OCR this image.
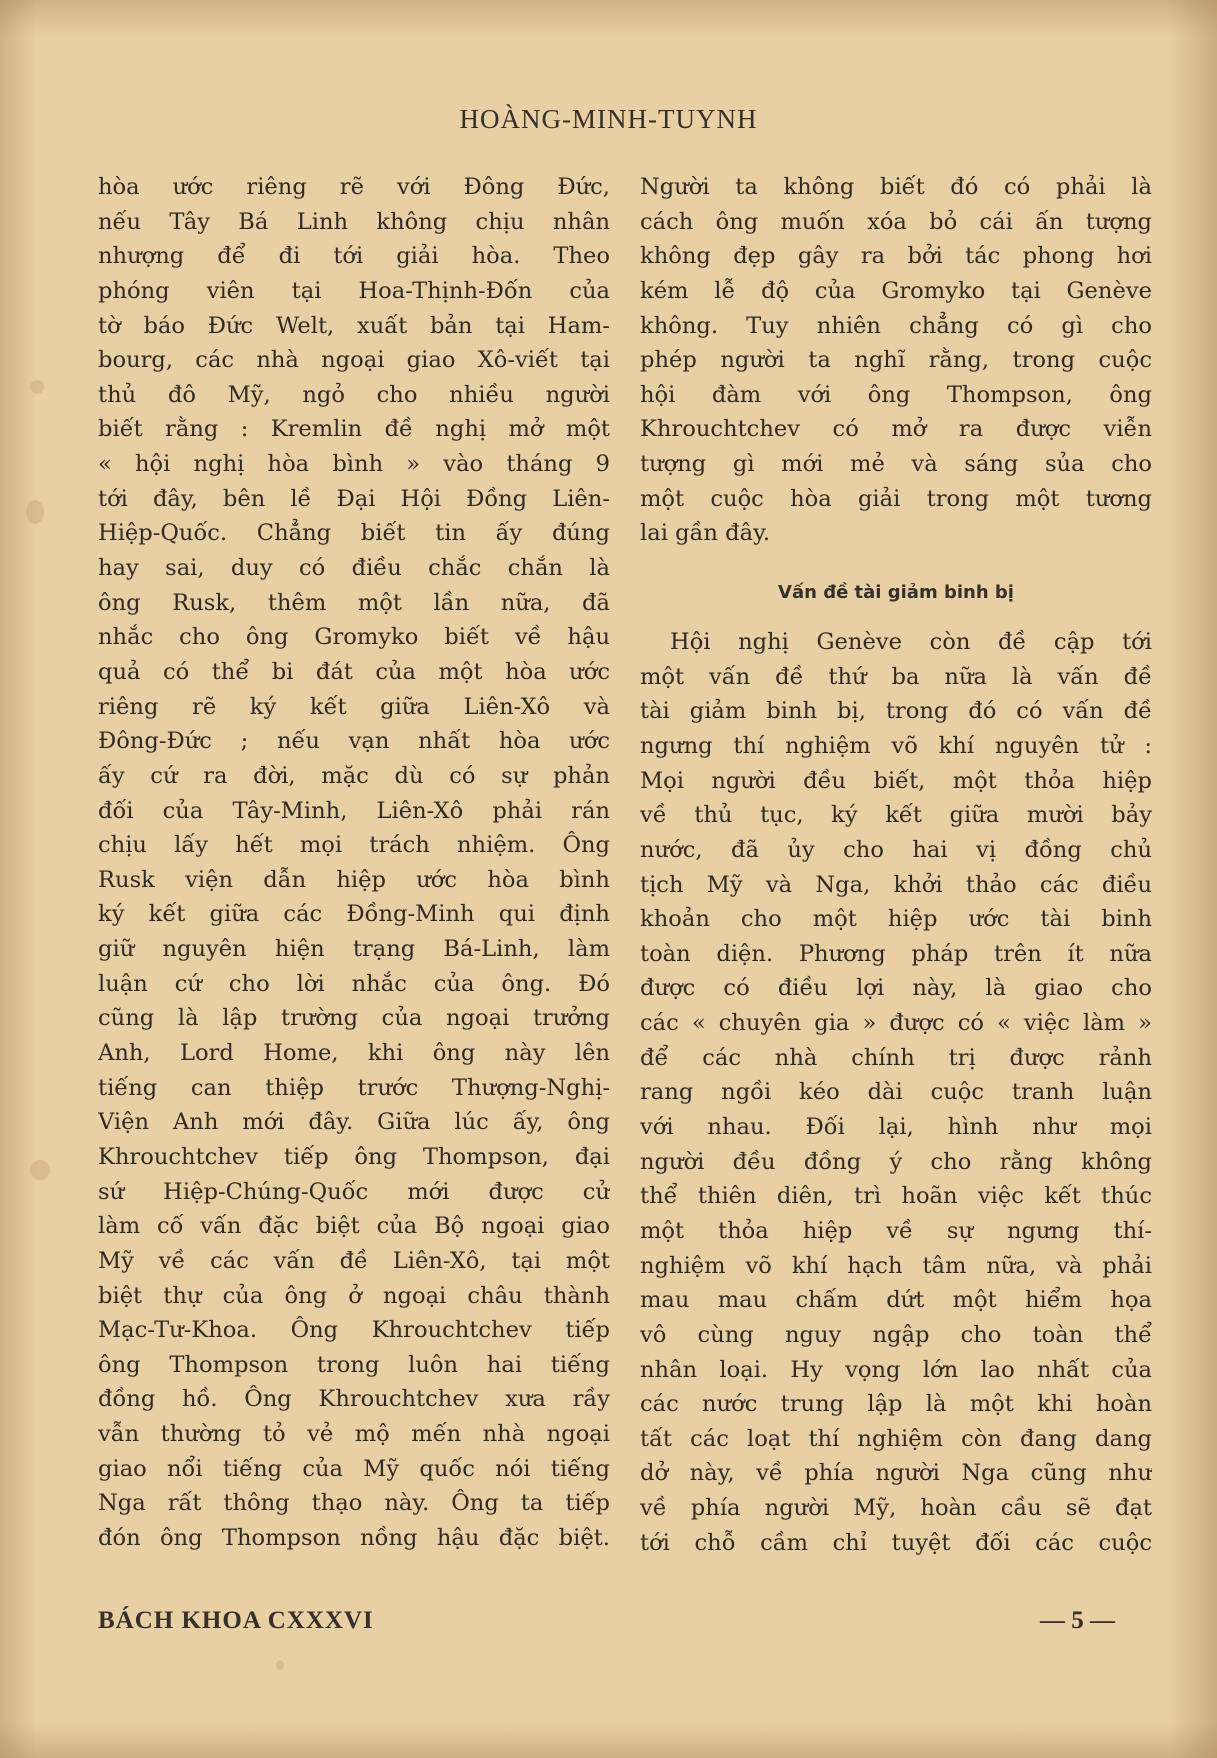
HOÀNG-MINH-TUYNH
hòa ước riêng rẽ với Đông Đức,
nếu Tây Bá Linh không chịu nhân
nhượng để đi tới giải hòa. Theo
phóng viên tại Hoa-Thịnh-Đốn của
tờ báo Đức Welt, xuất bản tại Ham-
bourg, các nhà ngoại giao Xô-viết tại
thủ đô Mỹ, ngỏ cho nhiều người
biết rằng : Kremlin đề nghị mở một
« hội nghị hòa bình » vào tháng 9
tới đây, bên lề Đại Hội Đồng Liên-
Hiệp-Quốc. Chẳng biết tin ấy đúng
hay sai, duy có điều chắc chắn là
ông Rusk, thêm một lần nữa, đã
nhắc cho ông Gromyko biết về hậu
quả có thể bi đát của một hòa ước
riêng rẽ ký kết giữa Liên-Xô và
Đông-Đức ; nếu vạn nhất hòa ước
ấy cứ ra đời, mặc dù có sự phản
đối của Tây-Minh, Liên-Xô phải rán
chịu lấy hết mọi trách nhiệm. Ông
Rusk viện dẫn hiệp ước hòa bình
ký kết giữa các Đồng-Minh qui định
giữ nguyên hiện trạng Bá-Linh, làm
luận cứ cho lời nhắc của ông. Đó
cũng là lập trường của ngoại trưởng
Anh, Lord Home, khi ông này lên
tiếng can thiệp trước Thượng-Nghị-
Viện Anh mới đây. Giữa lúc ấy, ông
Khrouchtchev tiếp ông Thompson, đại
sứ Hiệp-Chúng-Quốc mới được cử
làm cố vấn đặc biệt của Bộ ngoại giao
Mỹ về các vấn đề Liên-Xô, tại một
biệt thự của ông ở ngoại châu thành
Mạc-Tư-Khoa. Ông Khrouchtchev tiếp
ông Thompson trong luôn hai tiếng
đồng hồ. Ông Khrouchtchev xưa rầy
vẫn thường tỏ vẻ mộ mến nhà ngoại
giao nổi tiếng của Mỹ quốc nói tiếng
Nga rất thông thạo này. Ông ta tiếp
đón ông Thompson nồng hậu đặc biệt.
Người ta không biết đó có phải là
cách ông muốn xóa bỏ cái ấn tượng
không đẹp gây ra bởi tác phong hơi
kém lễ độ của Gromyko tại Genève
không. Tuy nhiên chẳng có gì cho
phép người ta nghĩ rằng, trong cuộc
hội đàm với ông Thompson, ông
Khrouchtchev có mở ra được viễn
tượng gì mới mẻ và sáng sủa cho
một cuộc hòa giải trong một tương
lai gần đây.
Vấn đề tài giảm binh bị
Hội nghị Genève còn đề cập tới
một vấn đề thứ ba nữa là vấn đề
tài giảm binh bị, trong đó có vấn đề
ngưng thí nghiệm võ khí nguyên tử :
Mọi người đều biết, một thỏa hiệp
về thủ tục, ký kết giữa mười bảy
nước, đã ủy cho hai vị đồng chủ
tịch Mỹ và Nga, khởi thảo các điều
khoản cho một hiệp ước tài binh
toàn diện. Phương pháp trên ít nữa
được có điều lợi này, là giao cho
các « chuyên gia » được có « việc làm »
để các nhà chính trị được rảnh
rang ngồi kéo dài cuộc tranh luận
với nhau. Đối lại, hình như mọi
người đều đồng ý cho rằng không
thể thiên diên, trì hoãn việc kết thúc
một thỏa hiệp về sự ngưng thí-
nghiệm võ khí hạch tâm nữa, và phải
mau mau chấm dứt một hiểm họa
vô cùng nguy ngập cho toàn thể
nhân loại. Hy vọng lớn lao nhất của
các nước trung lập là một khi hoàn
tất các loạt thí nghiệm còn đang dang
dở này, về phía người Nga cũng như
về phía người Mỹ, hoàn cầu sẽ đạt
tới chỗ cầm chỉ tuyệt đối các cuộc
BÁCH KHOA CXXXVI	— 5 —
